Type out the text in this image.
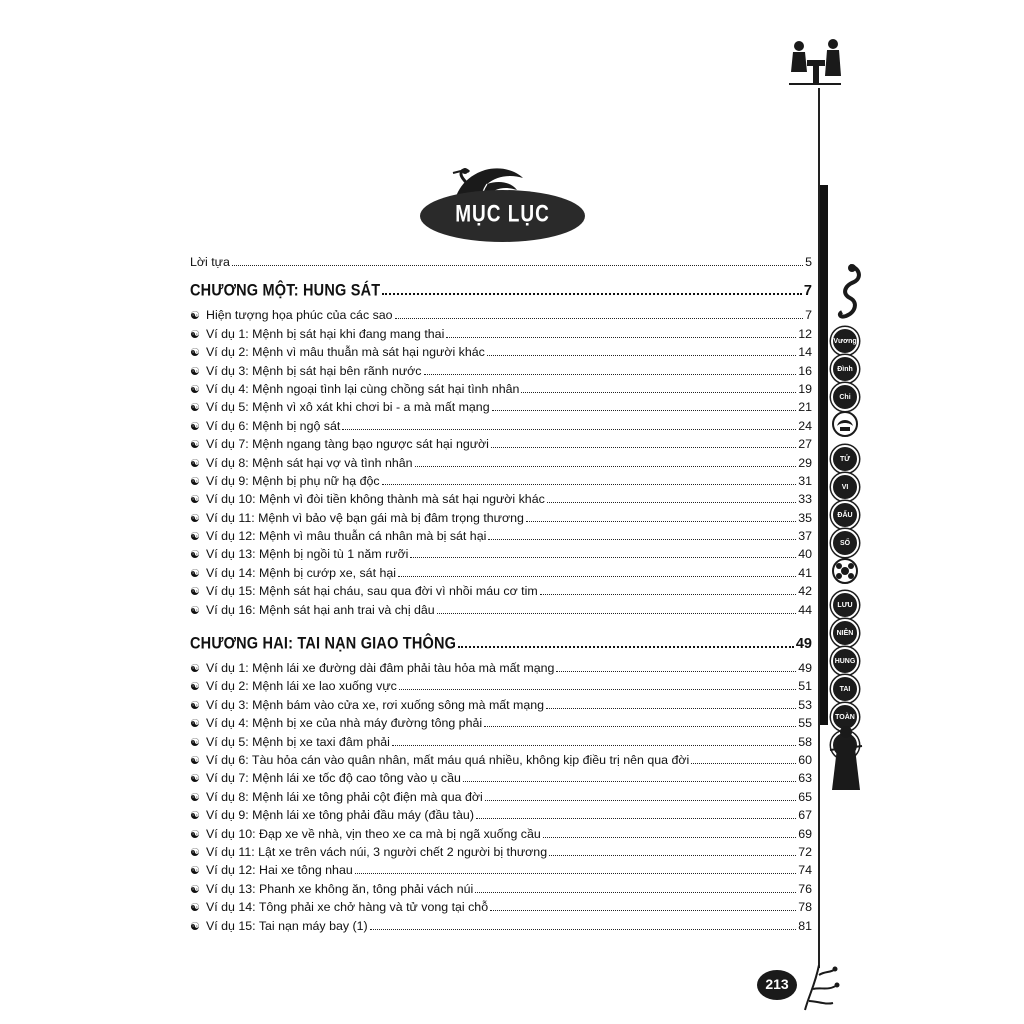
MỤC LỤC
Lời tựa	5
CHƯƠNG MỘT: HUNG SÁT	7
☯ Hiện tượng họa phúc của các sao	7
☯ Ví dụ 1: Mệnh bị sát hại khi đang mang thai	12
☯ Ví dụ 2: Mệnh vì mâu thuẫn mà sát hại người khác	14
☯ Ví dụ 3: Mệnh bị sát hại bên rãnh nước	16
☯ Ví dụ 4: Mệnh ngoại tình lại cùng chồng sát hại tình nhân	19
☯ Ví dụ 5: Mệnh vì xô xát khi chơi bi - a mà mất mạng	21
☯ Ví dụ 6: Mệnh bị ngộ sát	24
☯ Ví dụ 7: Mệnh ngang tàng bạo ngược sát hại người	27
☯ Ví dụ 8: Mệnh sát hại vợ và tình nhân	29
☯ Ví dụ 9: Mệnh bị phụ nữ hạ độc	31
☯ Ví dụ 10: Mệnh vì đòi tiền không thành mà sát hại người khác	33
☯ Ví dụ 11: Mệnh vì bảo vệ bạn gái mà bị đâm trọng thương	35
☯ Ví dụ 12: Mệnh vì mâu thuẫn cá nhân mà bị sát hại	37
☯ Ví dụ 13: Mệnh bị ngồi tù 1 năm rưỡi	40
☯ Ví dụ 14: Mệnh bị cướp xe, sát hại	41
☯ Ví dụ 15: Mệnh sát hại cháu, sau qua đời vì nhồi máu cơ tim	42
☯ Ví dụ 16: Mệnh sát hại anh trai và chị dâu	44
CHƯƠNG HAI: TAI NẠN GIAO THÔNG	49
☯ Ví dụ 1: Mệnh lái xe đường dài đâm phải tàu hỏa mà mất mạng	49
☯ Ví dụ 2: Mệnh lái xe lao xuống vực	51
☯ Ví dụ 3: Mệnh bám vào cửa xe, rơi xuống sông mà mất mạng	53
☯ Ví dụ 4: Mệnh bị xe của nhà máy đường tông phải	55
☯ Ví dụ 5: Mệnh bị xe taxi đâm phải	58
☯ Ví dụ 6: Tàu hỏa cán vào quân nhân, mất máu quá nhiều, không kịp điều trị nên qua đời	60
☯ Ví dụ 7: Mệnh lái xe tốc độ cao tông vào ụ cầu	63
☯ Ví dụ 8: Mệnh lái xe tông phải cột điện mà qua đời	65
☯ Ví dụ 9: Mệnh lái xe tông phải đầu máy (đầu tàu)	67
☯ Ví dụ 10: Đạp xe về nhà, vịn theo xe ca mà bị ngã xuống cầu	69
☯ Ví dụ 11: Lật xe trên vách núi, 3 người chết 2 người bị thương	72
☯ Ví dụ 12: Hai xe tông nhau	74
☯ Ví dụ 13: Phanh xe không ăn, tông phải vách núi	76
☯ Ví dụ 14: Tông phải xe chở hàng và tử vong tại chỗ	78
☯ Ví dụ 15: Tai nạn máy bay (1)	81
Vương
Đình
Chi
TỬ
VI
ĐẨU
SỐ
LƯU
NIÊN
HUNG
TAI
TOÀN
213
